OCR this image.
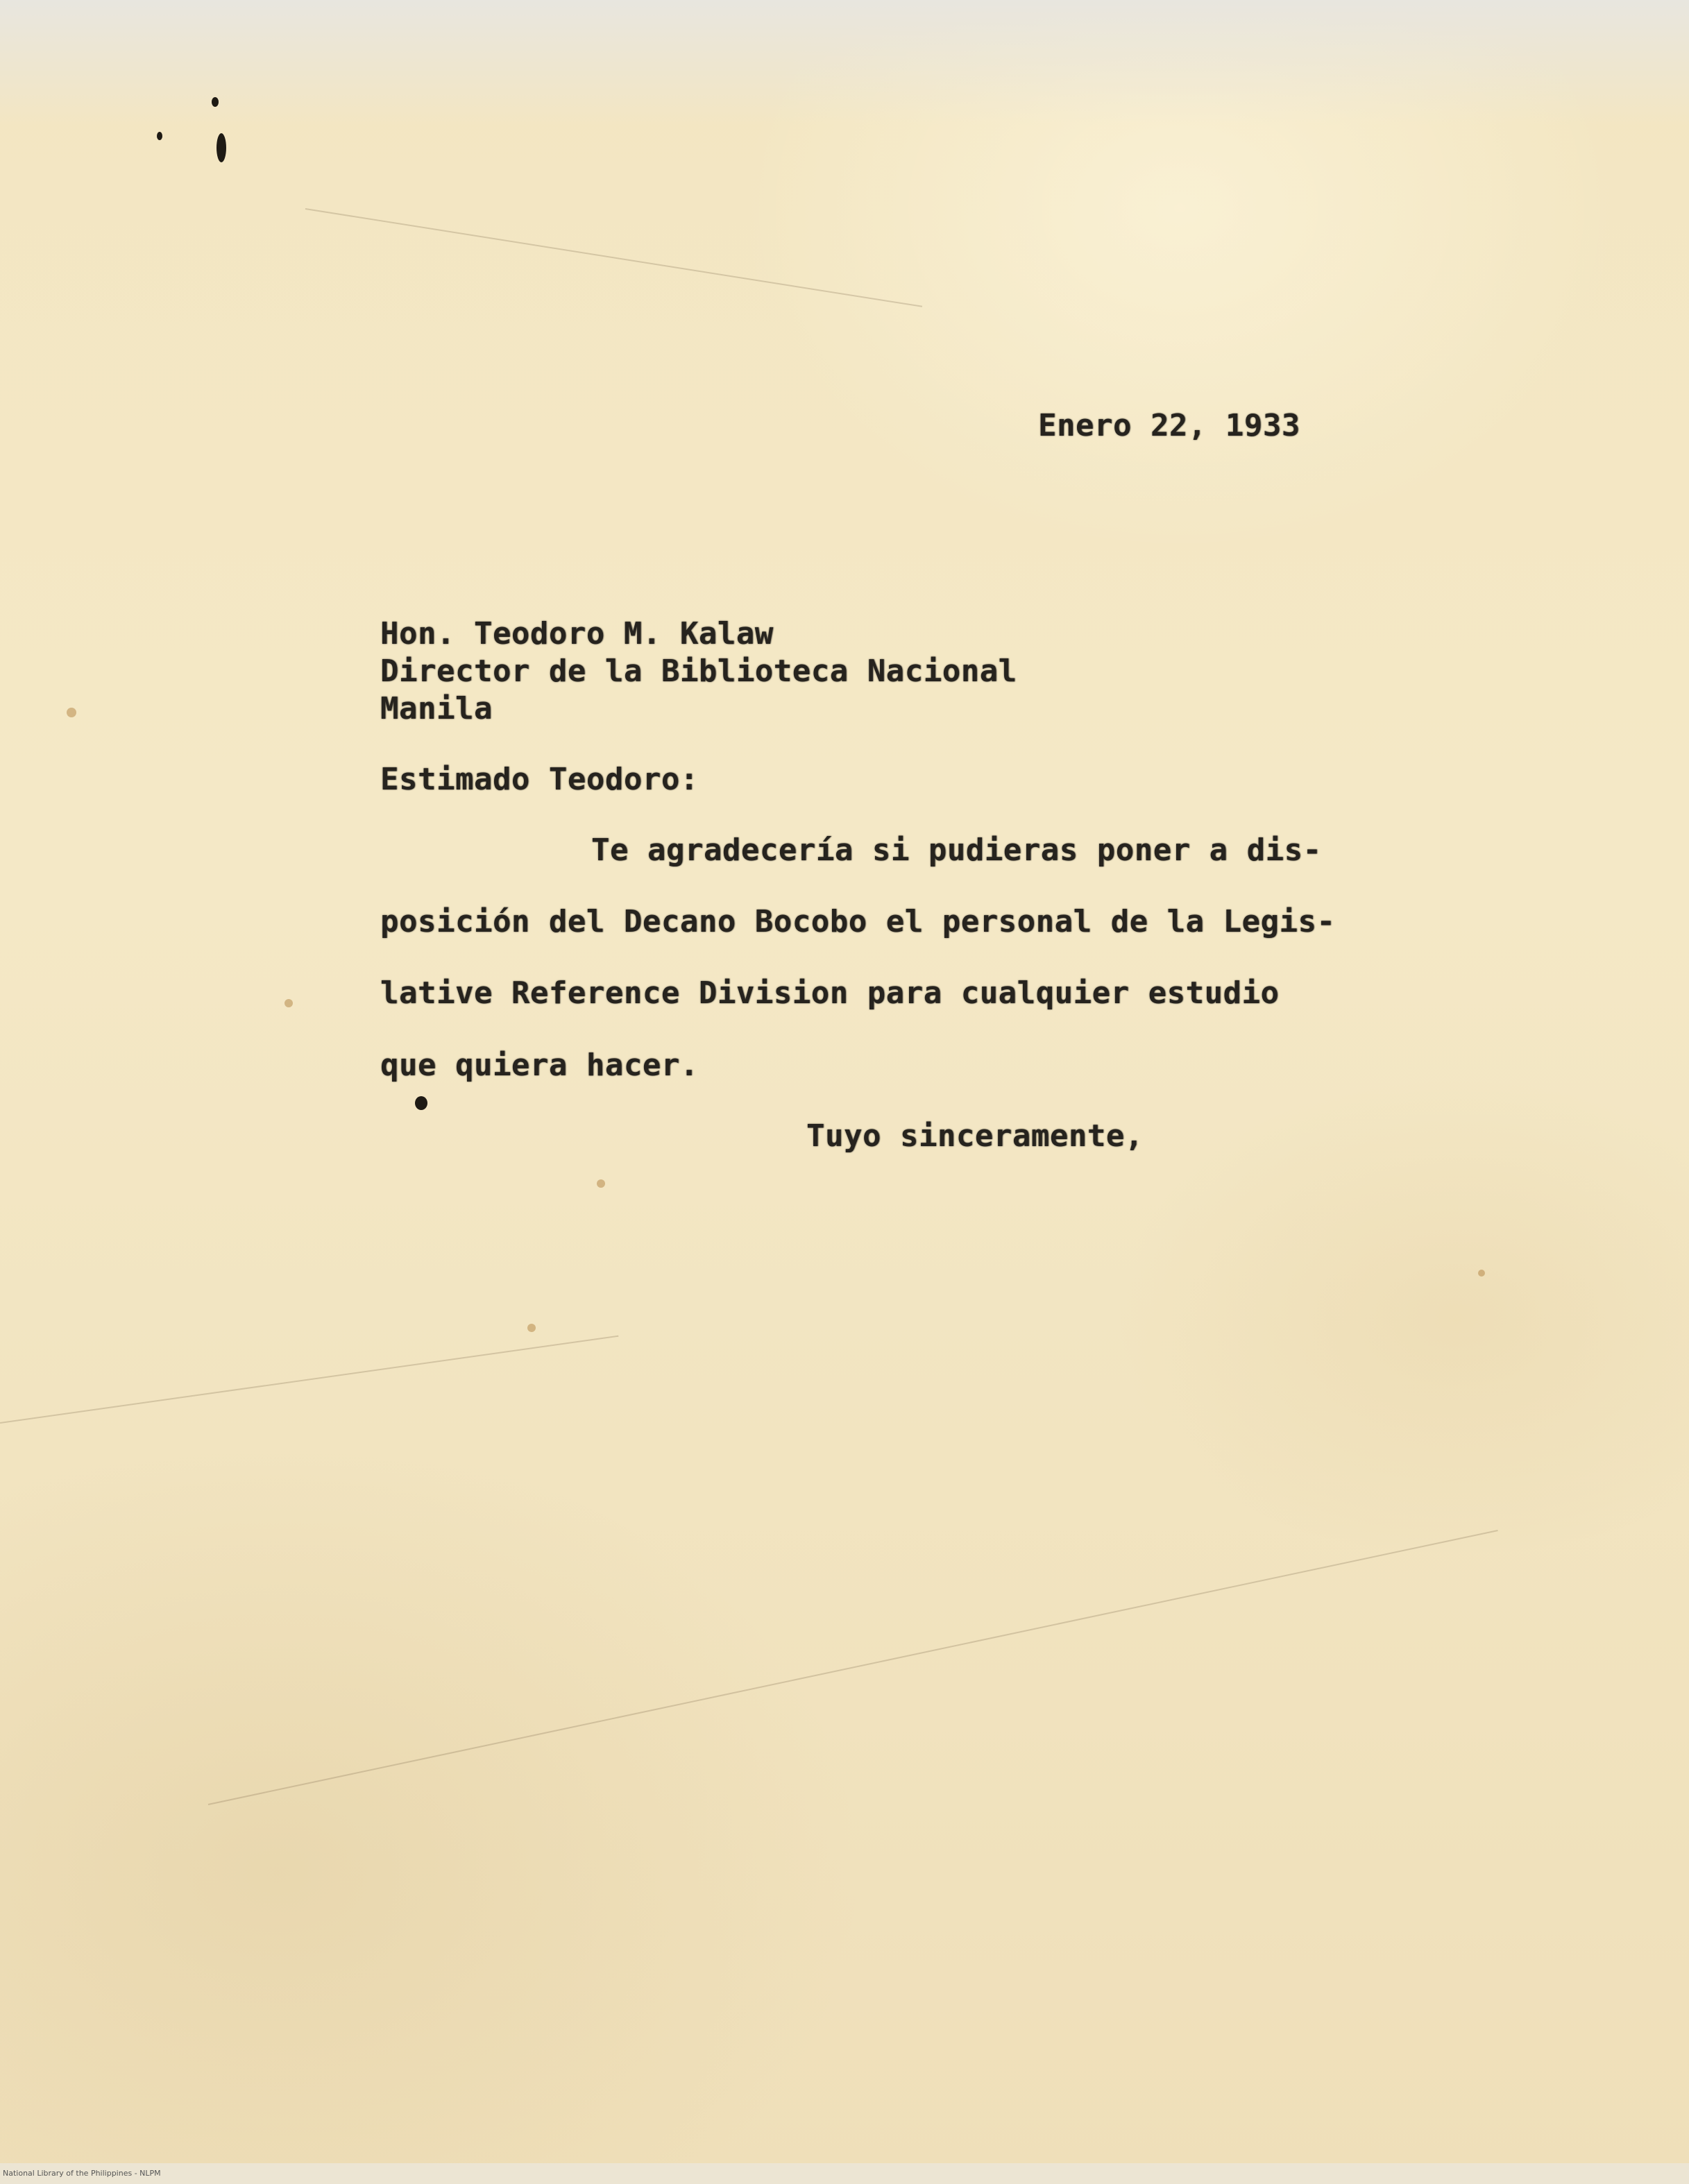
Enero 22, 1933
Hon. Teodoro M. Kalaw
Director de la Biblioteca Nacional
Manila
Estimado Teodoro:
Te agradecería si pudieras poner a dis-
posición del Decano Bocobo el personal de la Legis-
lative Reference Division para cualquier estudio
que quiera hacer.
Tuyo sinceramente,
National Library of the Philippines - NLPM
